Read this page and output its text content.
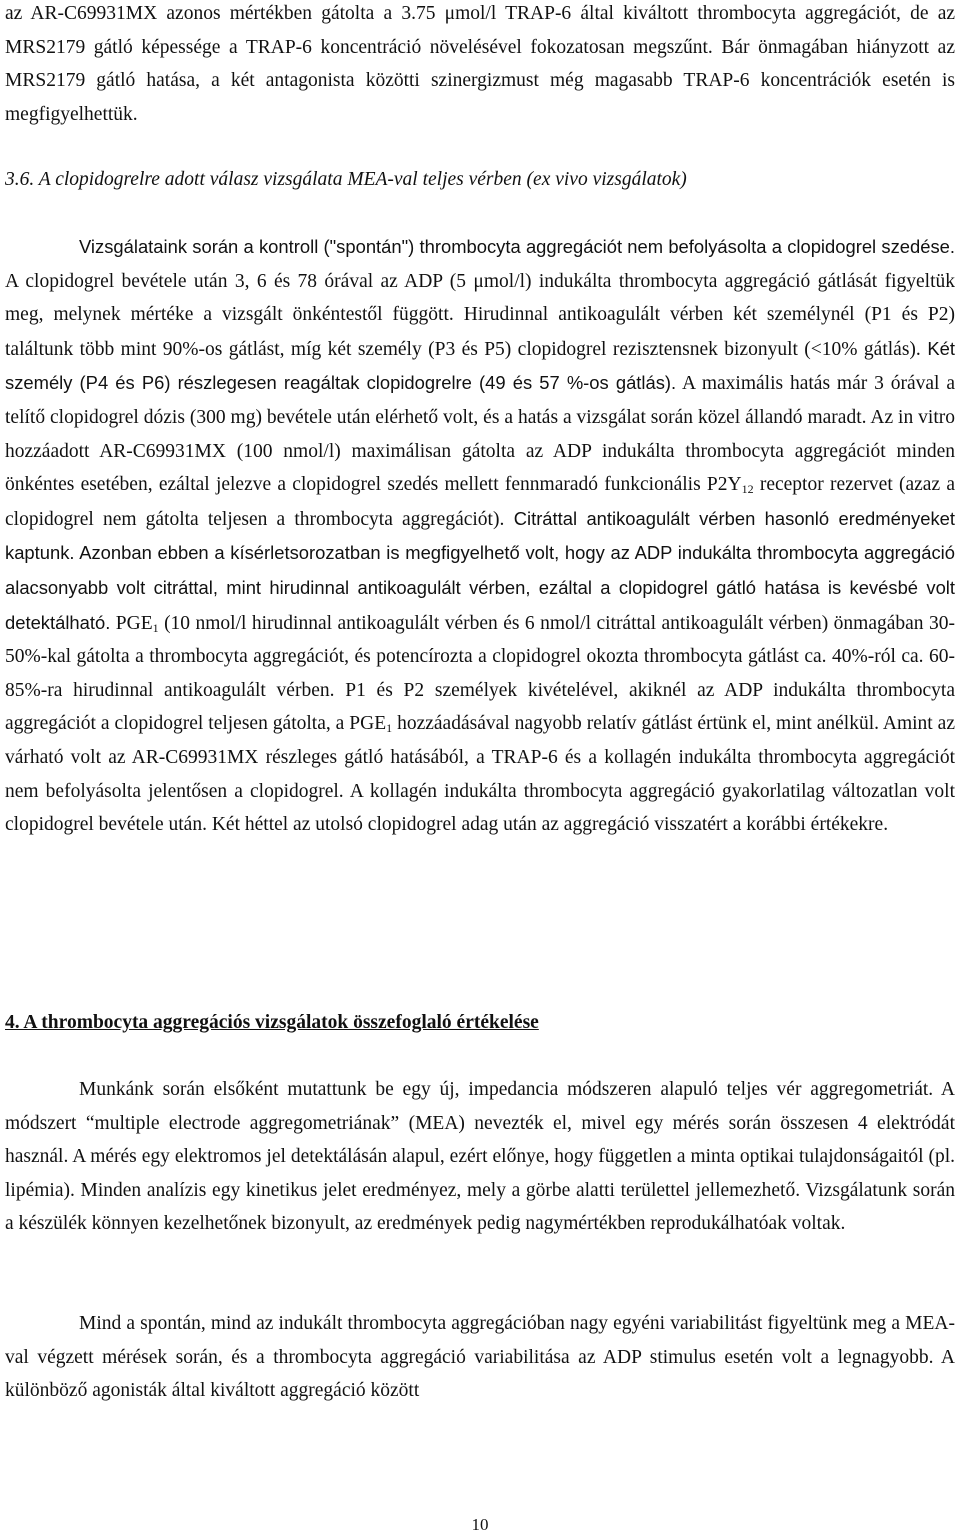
az AR-C69931MX azonos mértékben gátolta a 3.75 μmol/l TRAP-6 által kiváltott thrombocyta aggregációt, de az MRS2179 gátló képessége a TRAP-6 koncentráció növelésével fokozatosan megszűnt. Bár önmagában hiányzott az MRS2179 gátló hatása, a két antagonista közötti szinergizmust még magasabb TRAP-6 koncentrációk esetén is megfigyelhettük.

3.6. A clopidogrelre adott válasz vizsgálata MEA-val teljes vérben (ex vivo vizsgálatok)

Vizsgálataink során a kontroll ("spontán") thrombocyta aggregációt nem befolyásolta a clopidogrel szedése. A clopidogrel bevétele után 3, 6 és 78 órával az ADP (5 μmol/l) indukálta thrombocyta aggregáció gátlását figyeltük meg, melynek mértéke a vizsgált önkéntestől függött. Hirudinnal antikoagulált vérben két személynél (P1 és P2) találtunk több mint 90%-os gátlást, míg két személy (P3 és P5) clopidogrel rezisztensnek bizonyult (<10% gátlás). Két személy (P4 és P6) részlegesen reagáltak clopidogrelre (49 és 57 %-os gátlás). A maximális hatás már 3 órával a telítő clopidogrel dózis (300 mg) bevétele után elérhető volt, és a hatás a vizsgálat során közel állandó maradt. Az in vitro hozzáadott AR-C69931MX (100 nmol/l) maximálisan gátolta az ADP indukálta thrombocyta aggregációt minden önkéntes esetében, ezáltal jelezve a clopidogrel szedés mellett fennmaradó funkcionális $P2Y_{12}$ receptor rezervet (azaz a clopidogrel nem gátolta teljesen a thrombocyta aggregációt). Citráttal antikoagulált vérben hasonló eredményeket kaptunk. Azonban ebben a kísérletsorozatban is megfigyelhető volt, hogy az ADP indukálta thrombocyta aggregáció alacsonyabb volt citráttal, mint hirudinnal antikoagulált vérben, ezáltal a clopidogrel gátló hatása is kevésbé volt detektálható. $PGE_1$ (10 nmol/l hirudinnal antikoagulált vérben és 6 nmol/l citráttal antikoagulált vérben) önmagában 30-50%-kal gátolta a thrombocyta aggregációt, és potencírozta a clopidogrel okozta thrombocyta gátlást ca. 40%-ról ca. 60-85%-ra hirudinnal antikoagulált vérben. P1 és P2 személyek kivételével, akiknél az ADP indukálta thrombocyta aggregációt a clopidogrel teljesen gátolta, a $PGE_1$ hozzáadásával nagyobb relatív gátlást értünk el, mint anélkül. Amint az várható volt az AR-C69931MX részleges gátló hatásából, a TRAP-6 és a kollagén indukálta thrombocyta aggregációt nem befolyásolta jelentősen a clopidogrel. A kollagén indukálta thrombocyta aggregáció gyakorlatilag változatlan volt clopidogrel bevétele után. Két héttel az utolsó clopidogrel adag után az aggregáció visszatért a korábbi értékekre.

4. A thrombocyta aggregációs vizsgálatok összefoglaló értékelése

Munkánk során elsőként mutattunk be egy új, impedancia módszeren alapuló teljes vér aggregometriát. A módszert “multiple electrode aggregometriának” (MEA) nevezték el, mivel egy mérés során összesen 4 elektródát használ. A mérés egy elektromos jel detektálásán alapul, ezért előnye, hogy független a minta optikai tulajdonságaitól (pl. lipémia). Minden analízis egy kinetikus jelet eredményez, mely a görbe alatti területtel jellemezhető. Vizsgálatunk során a készülék könnyen kezelhetőnek bizonyult, az eredmények pedig nagymértékben reprodukálhatóak voltak.

Mind a spontán, mind az indukált thrombocyta aggregációban nagy egyéni variabilitást figyeltünk meg a MEA-val végzett mérések során, és a thrombocyta aggregáció variabilitása az ADP stimulus esetén volt a legnagyobb. A különböző agonisták által kiváltott aggregáció között

10
